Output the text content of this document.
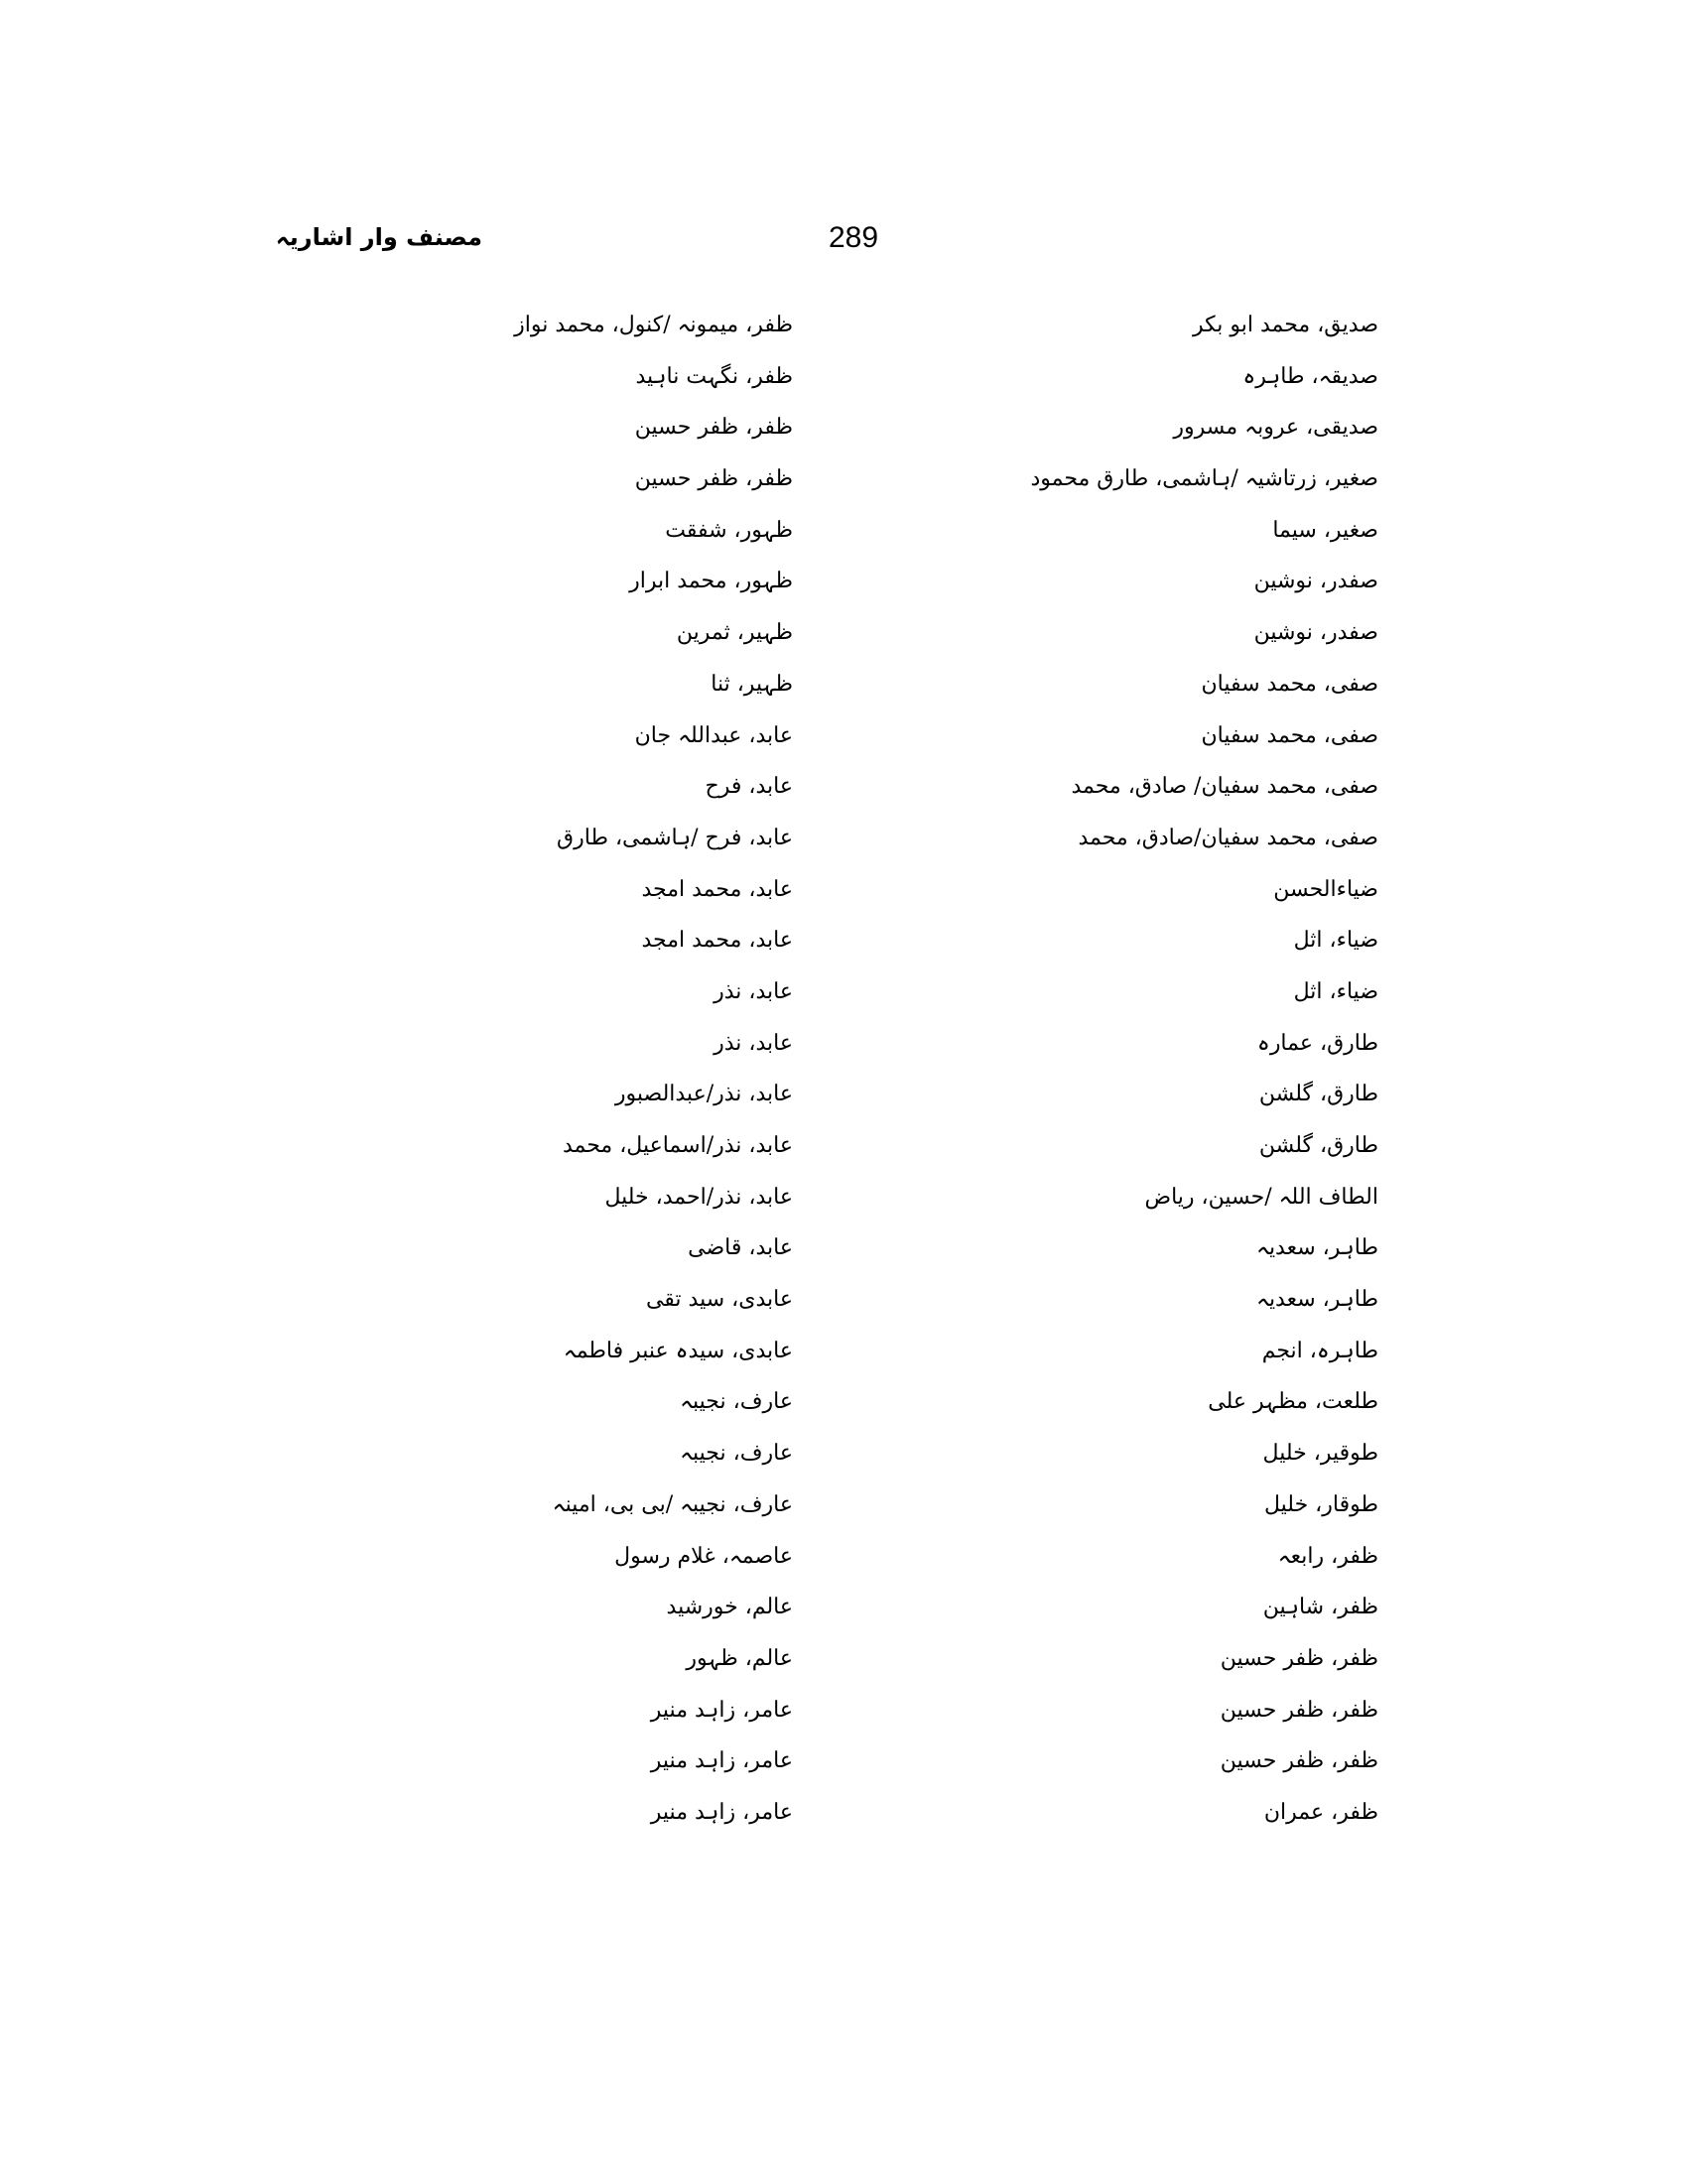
مصنف وار اشاریہ	289
صدیق، محمد ابو بکر
صدیقہ، طاہرہ
صدیقی، عروبہ مسرور
صغیر، زرتاشیہ /ہاشمی، طارق محمود
صغیر، سیما
صفدر، نوشین
صفدر، نوشین
صفی، محمد سفیان
صفی، محمد سفیان
صفی، محمد سفیان/ صادق، محمد
صفی، محمد سفیان/صادق، محمد
ضیاءالحسن
ضیاء، اثل
ضیاء، اثل
طارق، عمارہ
طارق، گلشن
طارق، گلشن
الطاف اللہ /حسین، ریاض
طاہر، سعدیہ
طاہر، سعدیہ
طاہرہ، انجم
طلعت، مظہر علی
طوقیر، خلیل
طوقار، خلیل
ظفر، رابعہ
ظفر، شاہین
ظفر، ظفر حسین
ظفر، ظفر حسین
ظفر، ظفر حسین
ظفر، عمران
ظفر، میمونہ /کنول، محمد نواز
ظفر، نگہت ناہید
ظفر، ظفر حسین
ظفر، ظفر حسین
ظہور، شفقت
ظہور، محمد ابرار
ظہیر، ثمرین
ظہیر، ثنا
عابد، عبداللہ جان
عابد، فرح
عابد، فرح /ہاشمی، طارق
عابد، محمد امجد
عابد، محمد امجد
عابد، نذر
عابد، نذر
عابد، نذر/عبدالصبور
عابد، نذر/اسماعیل، محمد
عابد، نذر/احمد، خلیل
عابد، قاضی
عابدی، سید تقی
عابدی، سیدہ عنبر فاطمہ
عارف، نجیبہ
عارف، نجیبہ
عارف، نجیبہ /بی بی، امینہ
عاصمہ، غلام رسول
عالم، خورشید
عالم، ظہور
عامر، زاہد منیر
عامر، زاہد منیر
عامر، زاہد منیر
